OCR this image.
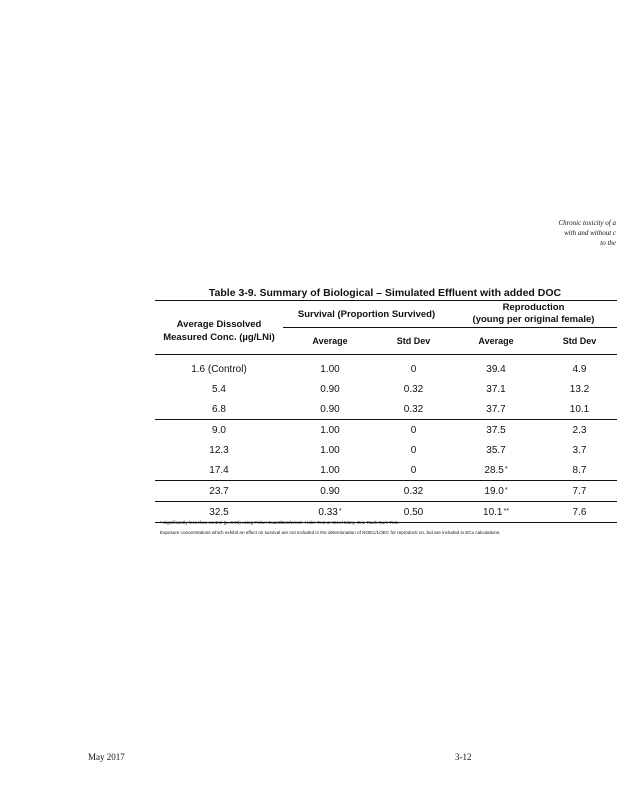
Chronic toxicity of a
with and without c
to the
Table 3-9. Summary of Biological – Simulated Effluent with added DOC
Average Dissolved Measured Conc. (µg/LNi)	Survival (Proportion Survived)		Reproduction
(young per original female)	

	Average	Std Dev	Average	Std Dev
1.6 (Control)	1.00	0	39.4	4.9
5.4	0.90	0.32	37.1	13.2
6.8	0.90	0.32	37.7	10.1
9.0	1.00	0	37.5	2.3
12.3	1.00	0	35.7	3.7
17.4	1.00	0	28.5*	8.7
23.7	0.90	0.32	19.0*	7.7
32.5	0.33*	0.50	10.1**	7.6
* Significantly less than control (p=0.05) using Fisher Exact/Bonferroni -Holm Test or Steel Many-One Rank Sum Test.
Exposure concentrations which exhibit an effect on survival are not included in the determination of NOEC/LOEC for reproducti on, but are included in ECx calculations.
May 2017	3-12
